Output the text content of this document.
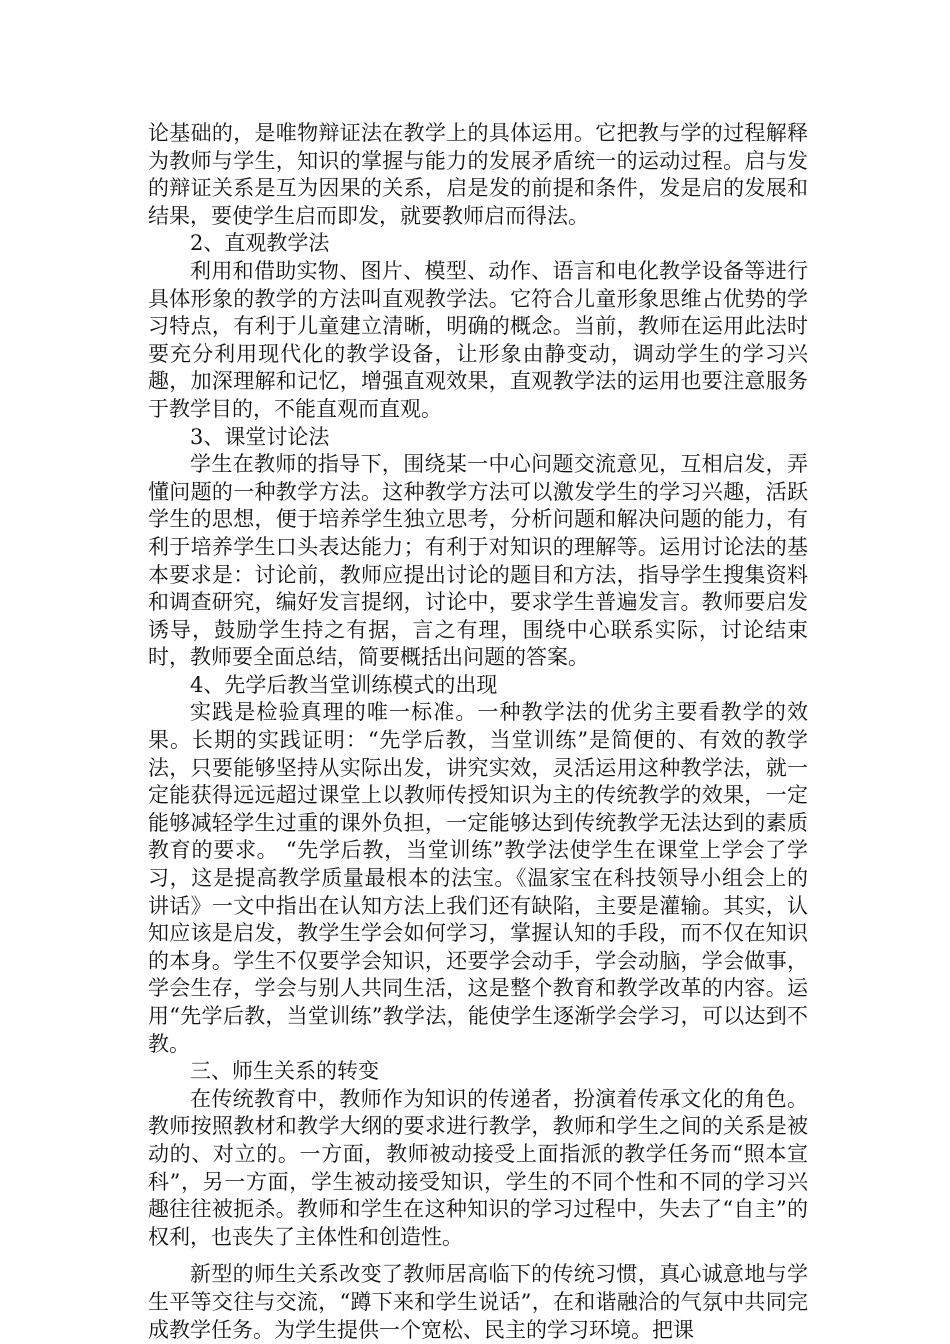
论基础的，是唯物辩证法在教学上的具体运用。它把教与学的过程解释为教师与学生，知识的掌握与能力的发展矛盾统一的运动过程。启与发的辩证关系是互为因果的关系，启是发的前提和条件，发是启的发展和结果，要使学生启而即发，就要教师启而得法。

2、直观教学法

利用和借助实物、图片、模型、动作、语言和电化教学设备等进行具体形象的教学的方法叫直观教学法。它符合儿童形象思维占优势的学习特点，有利于儿童建立清晰，明确的概念。当前，教师在运用此法时要充分利用现代化的教学设备，让形象由静变动，调动学生的学习兴趣，加深理解和记忆，增强直观效果，直观教学法的运用也要注意服务于教学目的，不能直观而直观。

3、课堂讨论法

学生在教师的指导下，围绕某一中心问题交流意见，互相启发，弄懂问题的一种教学方法。这种教学方法可以激发学生的学习兴趣，活跃学生的思想，便于培养学生独立思考，分析问题和解决问题的能力，有利于培养学生口头表达能力；有利于对知识的理解等。运用讨论法的基本要求是：讨论前，教师应提出讨论的题目和方法，指导学生搜集资料和调查研究，编好发言提纲，讨论中，要求学生普遍发言。教师要启发诱导，鼓励学生持之有据，言之有理，围绕中心联系实际，讨论结束时，教师要全面总结，简要概括出问题的答案。

4、先学后教当堂训练模式的出现

实践是检验真理的唯一标准。一种教学法的优劣主要看教学的效果。长期的实践证明：“先学后教，当堂训练”是简便的、有效的教学法，只要能够坚持从实际出发，讲究实效，灵活运用这种教学法，就一定能获得远远超过课堂上以教师传授知识为主的传统教学的效果，一定能够减轻学生过重的课外负担，一定能够达到传统教学无法达到的素质教育的要求。 “先学后教，当堂训练”教学法使学生在课堂上学会了学习，这是提高教学质量最根本的法宝。《温家宝在科技领导小组会上的讲话》一文中指出在认知方法上我们还有缺陷，主要是灌输。其实，认知应该是启发，教学生学会如何学习，掌握认知的手段，而不仅在知识的本身。学生不仅要学会知识，还要学会动手，学会动脑，学会做事，学会生存，学会与别人共同生活，这是整个教育和教学改革的内容。运用“先学后教，当堂训练”教学法，能使学生逐渐学会学习，可以达到不教。

三、师生关系的转变

在传统教育中，教师作为知识的传递者，扮演着传承文化的角色。教师按照教材和教学大纲的要求进行教学，教师和学生之间的关系是被动的、对立的。一方面，教师被动接受上面指派的教学任务而“照本宣科”，另一方面，学生被动接受知识，学生的不同个性和不同的学习兴趣往往被扼杀。教师和学生在这种知识的学习过程中，失去了“自主”的权利，也丧失了主体性和创造性。

新型的师生关系改变了教师居高临下的传统习惯，真心诚意地与学生平等交往与交流，“蹲下来和学生说话”，在和谐融洽的气氛中共同完成教学任务。为学生提供一个宽松、民主的学习环境。把课
